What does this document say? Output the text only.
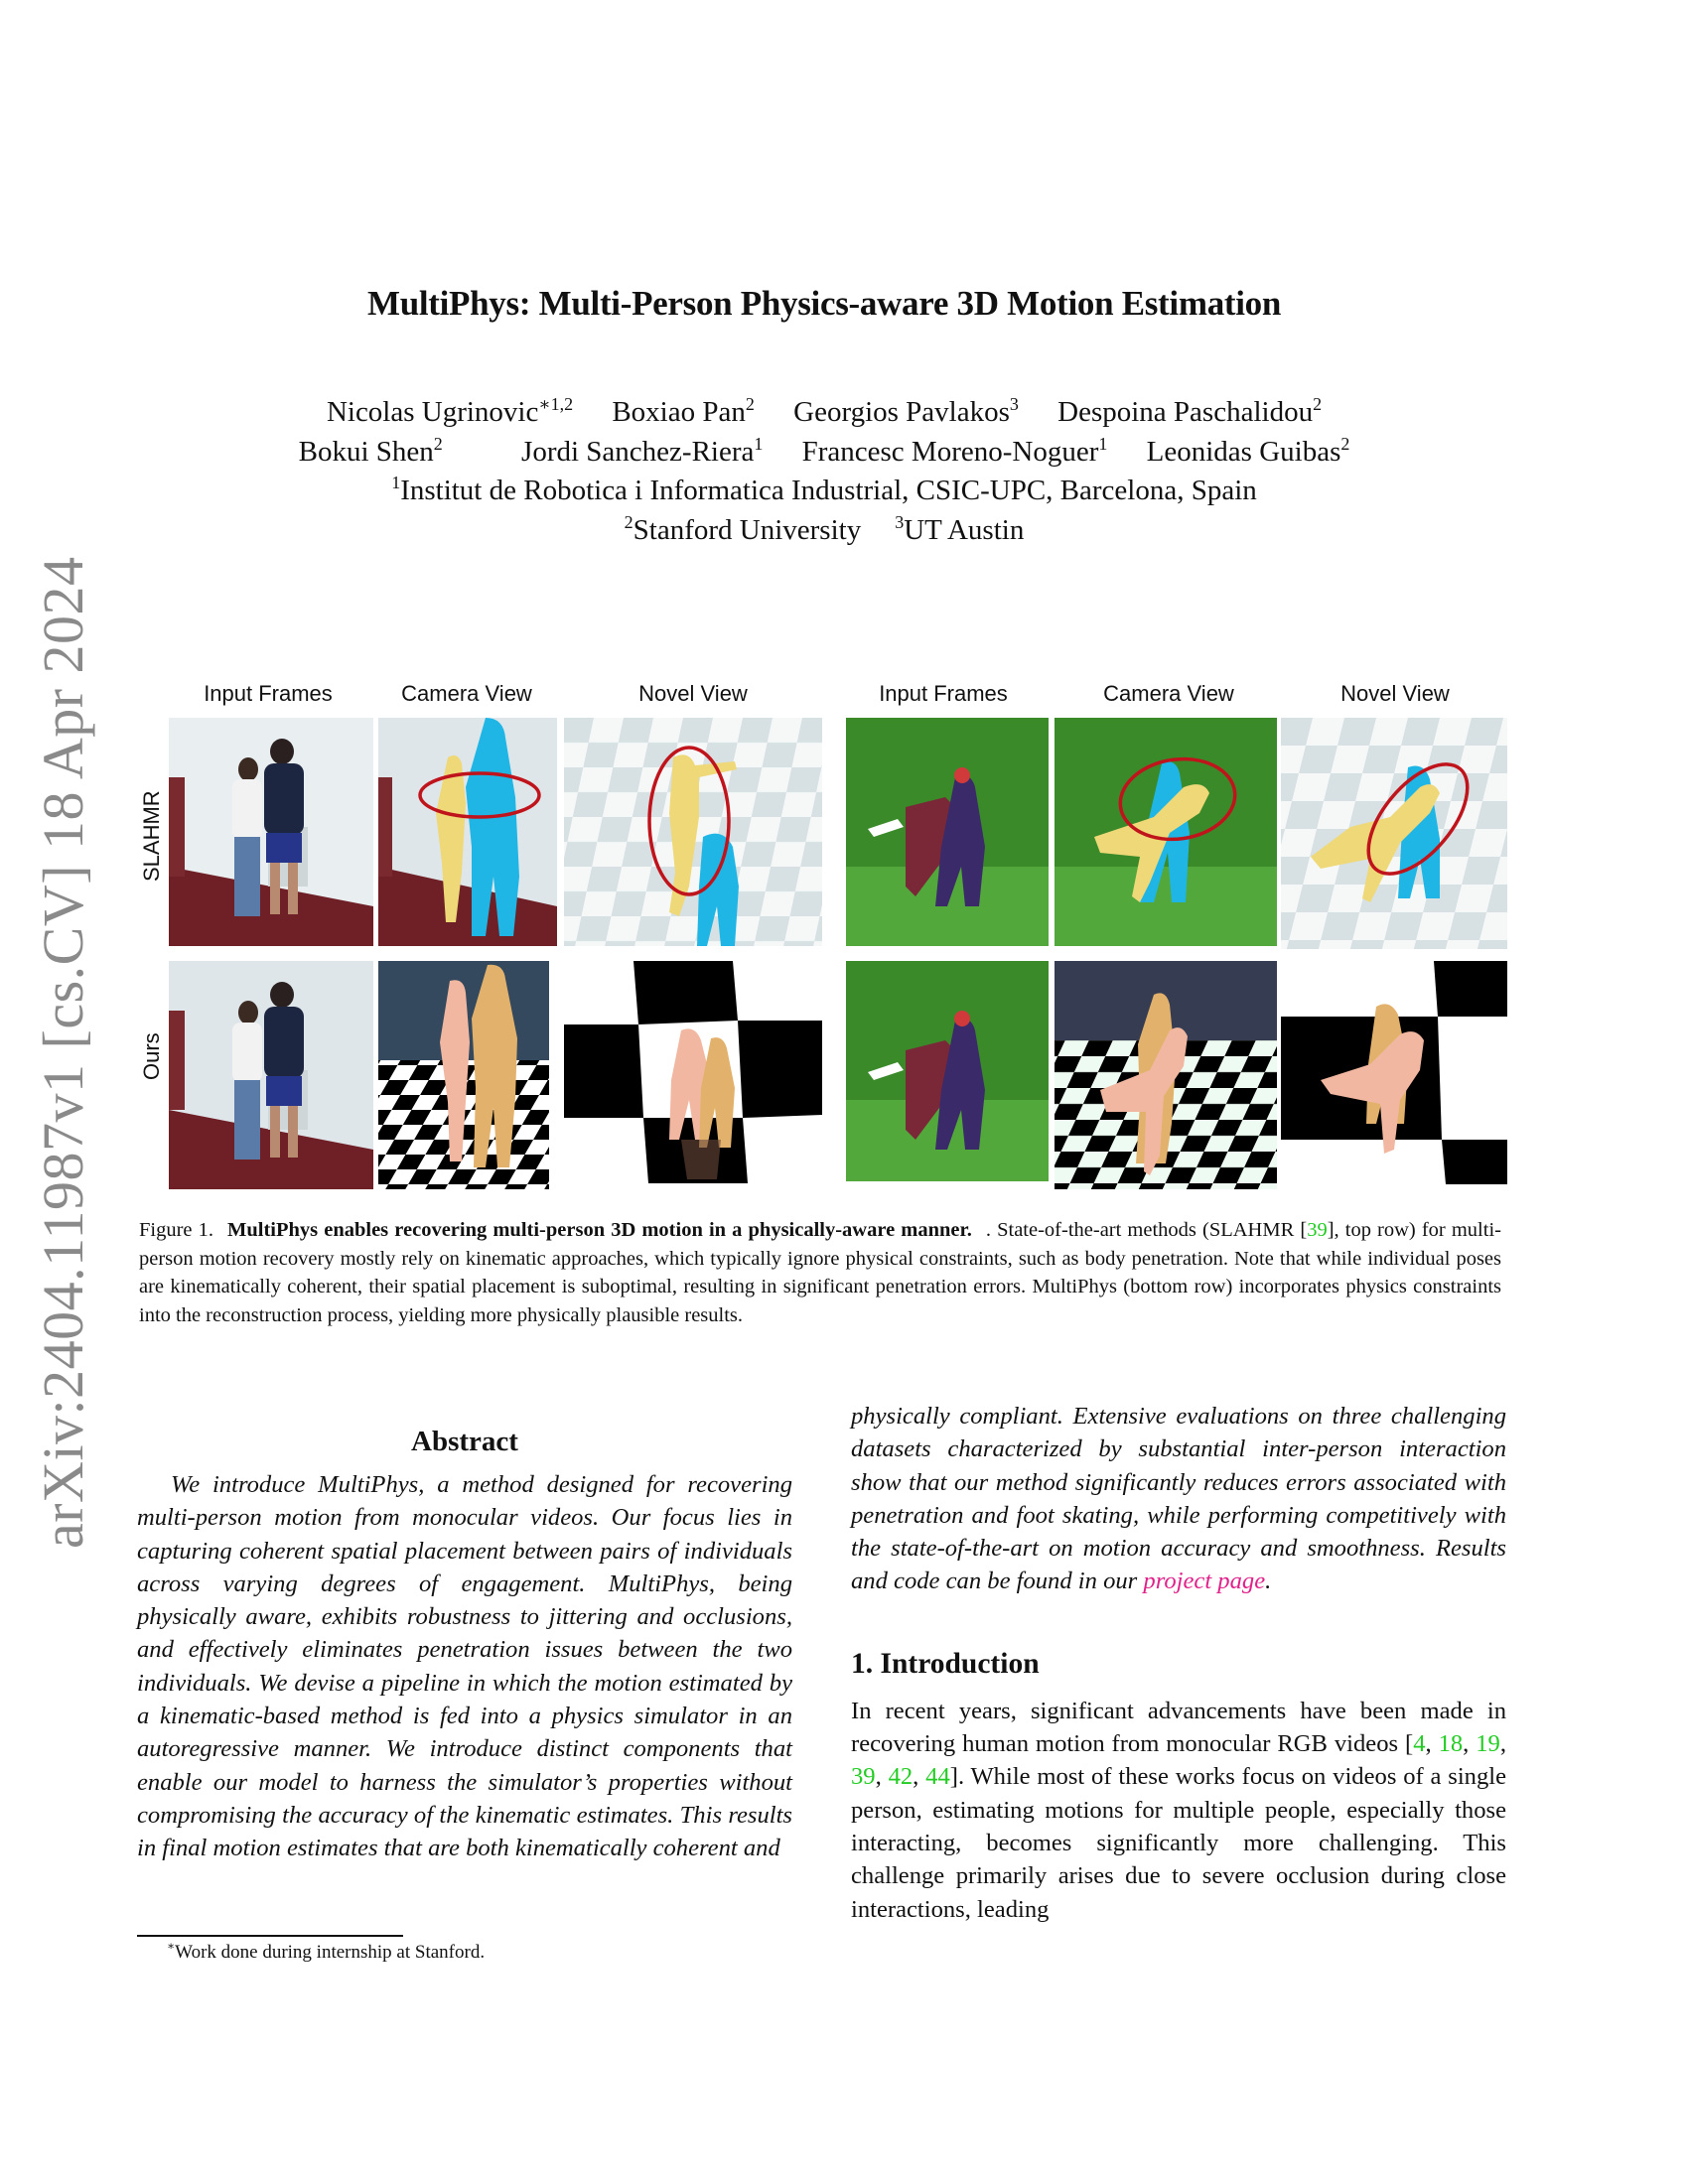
arXiv:2404.11987v1 [cs.CV] 18 Apr 2024
MultiPhys: Multi-Person Physics-aware 3D Motion Estimation
Nicolas Ugrinovic$^{∗1,2}$ Boxiao Pan$^2$ Georgios Pavlakos$^3$ Despoina Paschalidou$^2$
Bokui Shen$^2$	Jordi Sanchez-Riera$^1$ Francesc Moreno-Noguer$^1$ Leonidas Guibas$^2$
$^1$Institut de Robotica i Informatica Industrial, CSIC-UPC, Barcelona, Spain
$^2$Stanford University $^3$UT Austin
Input Frames	Camera View	Novel View	Input Frames	Camera View	Novel View
SLAHMR
Ours
Figure 1. MultiPhys enables recovering multi-person 3D motion in a physically-aware manner. . State-of-the-art methods (SLAHMR [39], top row) for multi-person motion recovery mostly rely on kinematic approaches, which typically ignore physical constraints, such as body penetration. Note that while individual poses are kinematically coherent, their spatial placement is suboptimal, resulting in significant penetration errors. MultiPhys (bottom row) incorporates physics constraints into the reconstruction process, yielding more physically plausible results.
Abstract
We introduce MultiPhys, a method designed for recovering multi-person motion from monocular videos. Our focus lies in capturing coherent spatial placement between pairs of individuals across varying degrees of engagement. MultiPhys, being physically aware, exhibits robustness to jittering and occlusions, and effectively eliminates penetration issues between the two individuals. We devise a pipeline in which the motion estimated by a kinematic-based method is fed into a physics simulator in an autoregressive manner. We introduce distinct components that enable our model to harness the simulator’s properties without compromising the accuracy of the kinematic estimates. This results in final motion estimates that are both kinematically coherent and
∗Work done during internship at Stanford.
physically compliant. Extensive evaluations on three challenging datasets characterized by substantial inter-person interaction show that our method significantly reduces errors associated with penetration and foot skating, while performing competitively with the state-of-the-art on motion accuracy and smoothness. Results and code can be found in our project page.
1. Introduction
In recent years, significant advancements have been made in recovering human motion from monocular RGB videos [4, 18, 19, 39, 42, 44]. While most of these works focus on videos of a single person, estimating motions for multiple people, especially those interacting, becomes significantly more challenging. This challenge primarily arises due to severe occlusion during close interactions, leading
